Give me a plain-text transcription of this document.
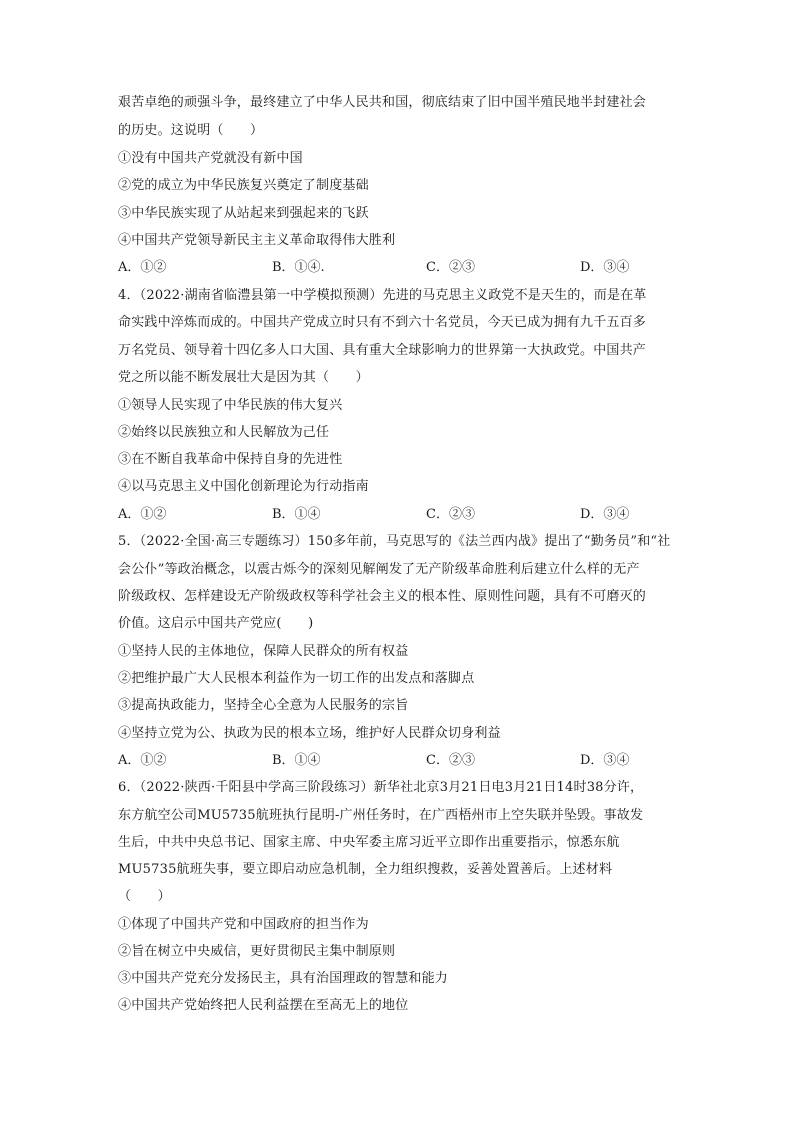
艰苦卓绝的顽强斗争，最终建立了中华人民共和国，彻底结束了旧中国半殖民地半封建社会
的历史。这说明（　　）
①没有中国共产党就没有新中国
②党的成立为中华民族复兴奠定了制度基础
③中华民族实现了从站起来到强起来的飞跃
④中国共产党领导新民主主义革命取得伟大胜利
A．①②	B．①④.	C．②③	D．③④
4．（2022·湖南省临澧县第一中学模拟预测）先进的马克思主义政党不是天生的，而是在革
命实践中淬炼而成的。中国共产党成立时只有不到六十名党员，今天已成为拥有九千五百多
万名党员、领导着十四亿多人口大国、具有重大全球影响力的世界第一大执政党。中国共产
党之所以能不断发展壮大是因为其（　　）
①领导人民实现了中华民族的伟大复兴
②始终以民族独立和人民解放为己任
③在不断自我革命中保持自身的先进性
④以马克思主义中国化创新理论为行动指南
A．①②	B．①④	C．②③	D．③④
5．（2022·全国·高三专题练习）150多年前，马克思写的《法兰西内战》提出了“勤务员”和“社
会公仆”等政治概念，以震古烁今的深刻见解阐发了无产阶级革命胜利后建立什么样的无产
阶级政权、怎样建设无产阶级政权等科学社会主义的根本性、原则性问题，具有不可磨灭的
价值。这启示中国共产党应(　　)
①坚持人民的主体地位，保障人民群众的所有权益
②把维护最广大人民根本利益作为一切工作的出发点和落脚点
③提高执政能力，坚持全心全意为人民服务的宗旨
④坚持立党为公、执政为民的根本立场，维护好人民群众切身利益
A．①②	B．①④	C．②③	D．③④
6．（2022·陕西·千阳县中学高三阶段练习）新华社北京3月21日电3月21日14时38分许，
东方航空公司MU5735航班执行昆明-广州任务时，在广西梧州市上空失联并坠毁。事故发
生后，中共中央总书记、国家主席、中央军委主席习近平立即作出重要指示，惊悉东航
MU5735航班失事，要立即启动应急机制，全力组织搜救，妥善处置善后。上述材料
（　　）
①体现了中国共产党和中国政府的担当作为
②旨在树立中央威信，更好贯彻民主集中制原则
③中国共产党充分发扬民主，具有治国理政的智慧和能力
④中国共产党始终把人民利益摆在至高无上的地位
